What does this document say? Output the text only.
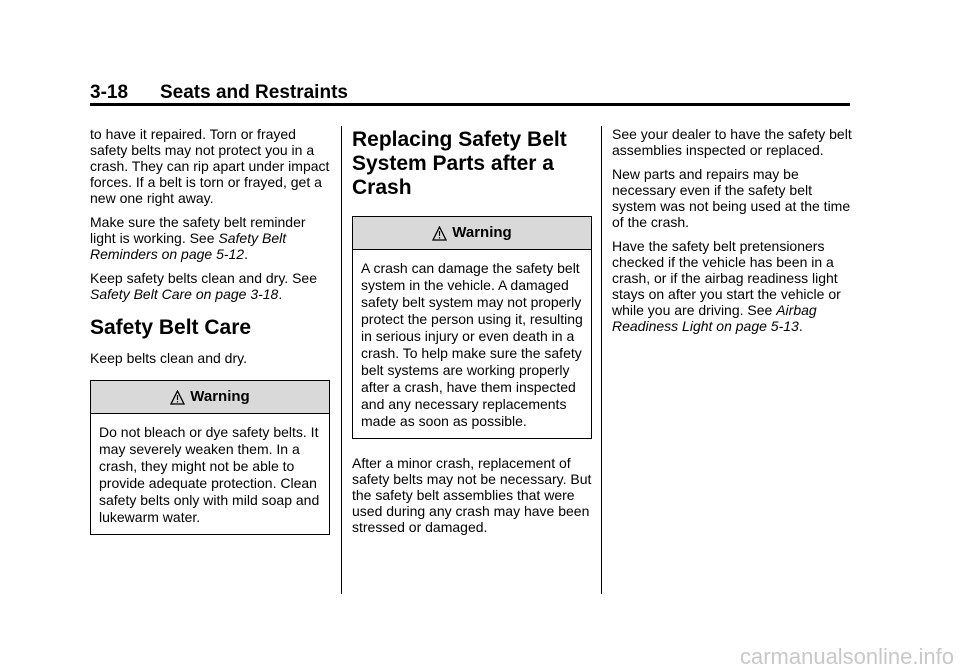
3-18 Seats and Restraints

to have it repaired. Torn or frayed safety belts may not protect you in a crash. They can rip apart under impact forces. If a belt is torn or frayed, get a new one right away.

Make sure the safety belt reminder light is working. See Safety Belt Reminders on page 5-12.

Keep safety belts clean and dry. See Safety Belt Care on page 3-18.

Safety Belt Care

Keep belts clean and dry.

Warning

Do not bleach or dye safety belts. It may severely weaken them. In a crash, they might not be able to provide adequate protection. Clean safety belts only with mild soap and lukewarm water.

Replacing Safety Belt System Parts after a Crash
Warning

A crash can damage the safety belt system in the vehicle. A damaged safety belt system may not properly protect the person using it, resulting in serious injury or even death in a crash. To help make sure the safety belt systems are working properly after a crash, have them inspected and any necessary replacements made as soon as possible.

After a minor crash, replacement of safety belts may not be necessary. But the safety belt assemblies that were used during any crash may have been stressed or damaged.

See your dealer to have the safety belt assemblies inspected or replaced.

New parts and repairs may be necessary even if the safety belt system was not being used at the time of the crash.

Have the safety belt pretensioners checked if the vehicle has been in a crash, or if the airbag readiness light stays on after you start the vehicle or while you are driving. See Airbag Readiness Light on page 5-13.

carmanualsonline.info
